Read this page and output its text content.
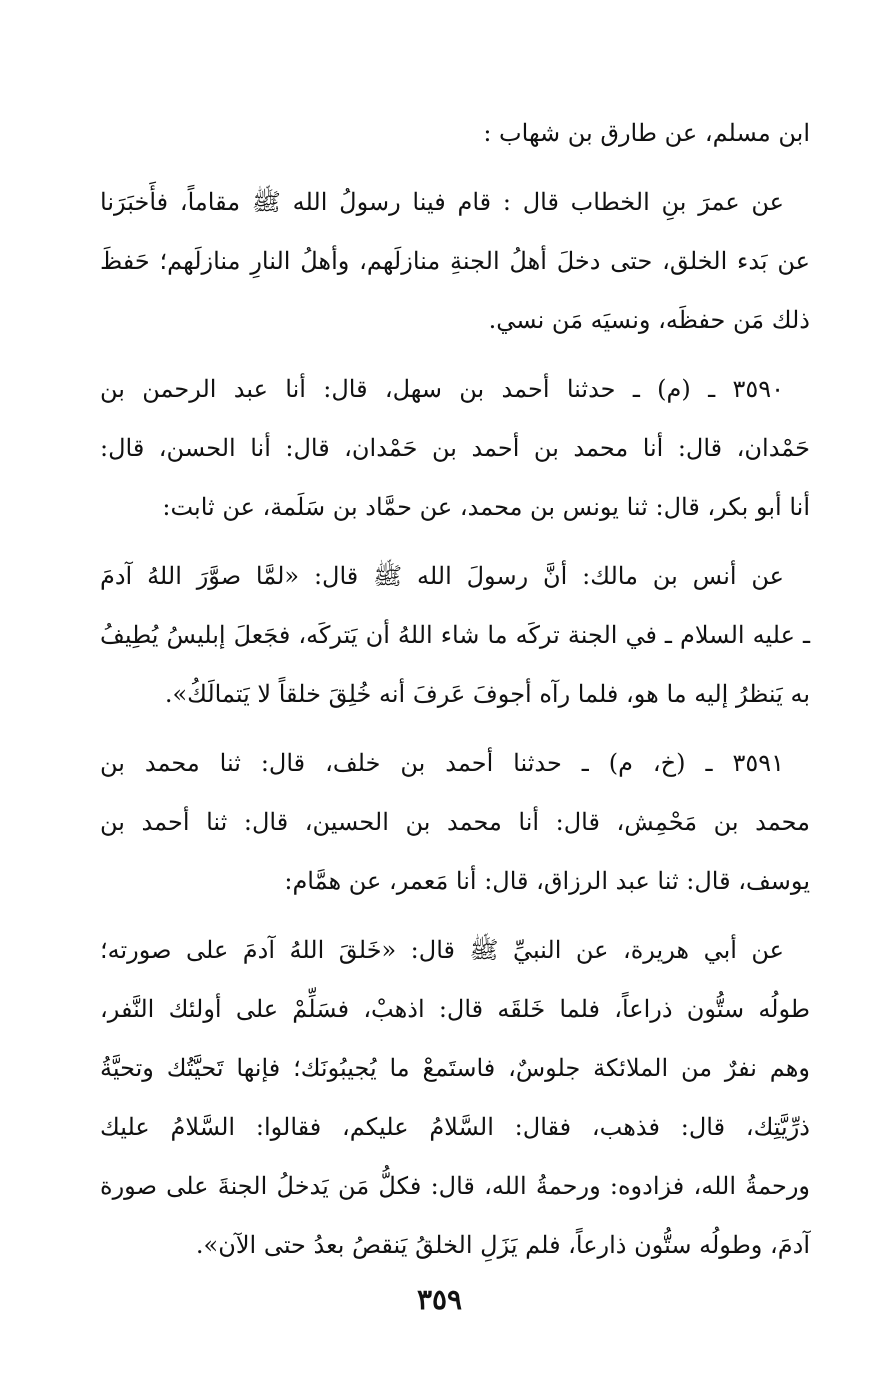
ابن مسلم، عن طارق بن شهاب :
عن عمرَ بنِ الخطاب قال : قام فينا رسولُ الله ﷺ مقاماً، فأَخبَرَنا
عن بَدء الخلق، حتى دخلَ أهلُ الجنةِ منازلَهم، وأهلُ النارِ منازلَهم؛ حَفظَ
ذلك مَن حفظَه، ونسيَه مَن نسي.
٣٥٩٠ ـ (م) ـ حدثنا أحمد بن سهل، قال: أنا عبد الرحمن بن
حَمْدان، قال: أنا محمد بن أحمد بن حَمْدان، قال: أنا الحسن، قال:
أنا أبو بكر، قال: ثنا يونس بن محمد، عن حمَّاد بن سَلَمة، عن ثابت:
عن أنس بن مالك: أنَّ رسولَ الله ﷺ قال: «لمَّا صوَّرَ اللهُ آدمَ
ـ عليه السلام ـ في الجنة تركَه ما شاء اللهُ أن يَتركَه، فجَعلَ إبليسُ يُطِيفُ
به يَنظرُ إليه ما هو، فلما رآه أجوفَ عَرفَ أنه خُلِقَ خلقاً لا يَتمالَكُ».
٣٥٩١ ـ (خ، م) ـ حدثنا أحمد بن خلف، قال: ثنا محمد بن
محمد بن مَحْمِش، قال: أنا محمد بن الحسين، قال: ثنا أحمد بن
يوسف، قال: ثنا عبد الرزاق، قال: أنا مَعمر، عن همَّام:
عن أبي هريرة، عن النبيِّ ﷺ قال: «خَلقَ اللهُ آدمَ على صورته؛
طولُه ستُّون ذراعاً، فلما خَلقَه قال: اذهبْ، فسَلِّمْ على أولئك النَّفر،
وهم نفرٌ من الملائكة جلوسٌ، فاستَمعْ ما يُجيبُونَك؛ فإنها تَحيَّتُك وتحيَّةُ
ذرِّيَّتِك، قال: فذهب، فقال: السَّلامُ عليكم، فقالوا: السَّلامُ عليك
ورحمةُ الله، فزادوه: ورحمةُ الله، قال: فكلُّ مَن يَدخلُ الجنةَ على صورة
آدمَ، وطولُه ستُّون ذارعاً، فلم يَزَلِ الخلقُ يَنقصُ بعدُ حتى الآن».
٣٥٩
